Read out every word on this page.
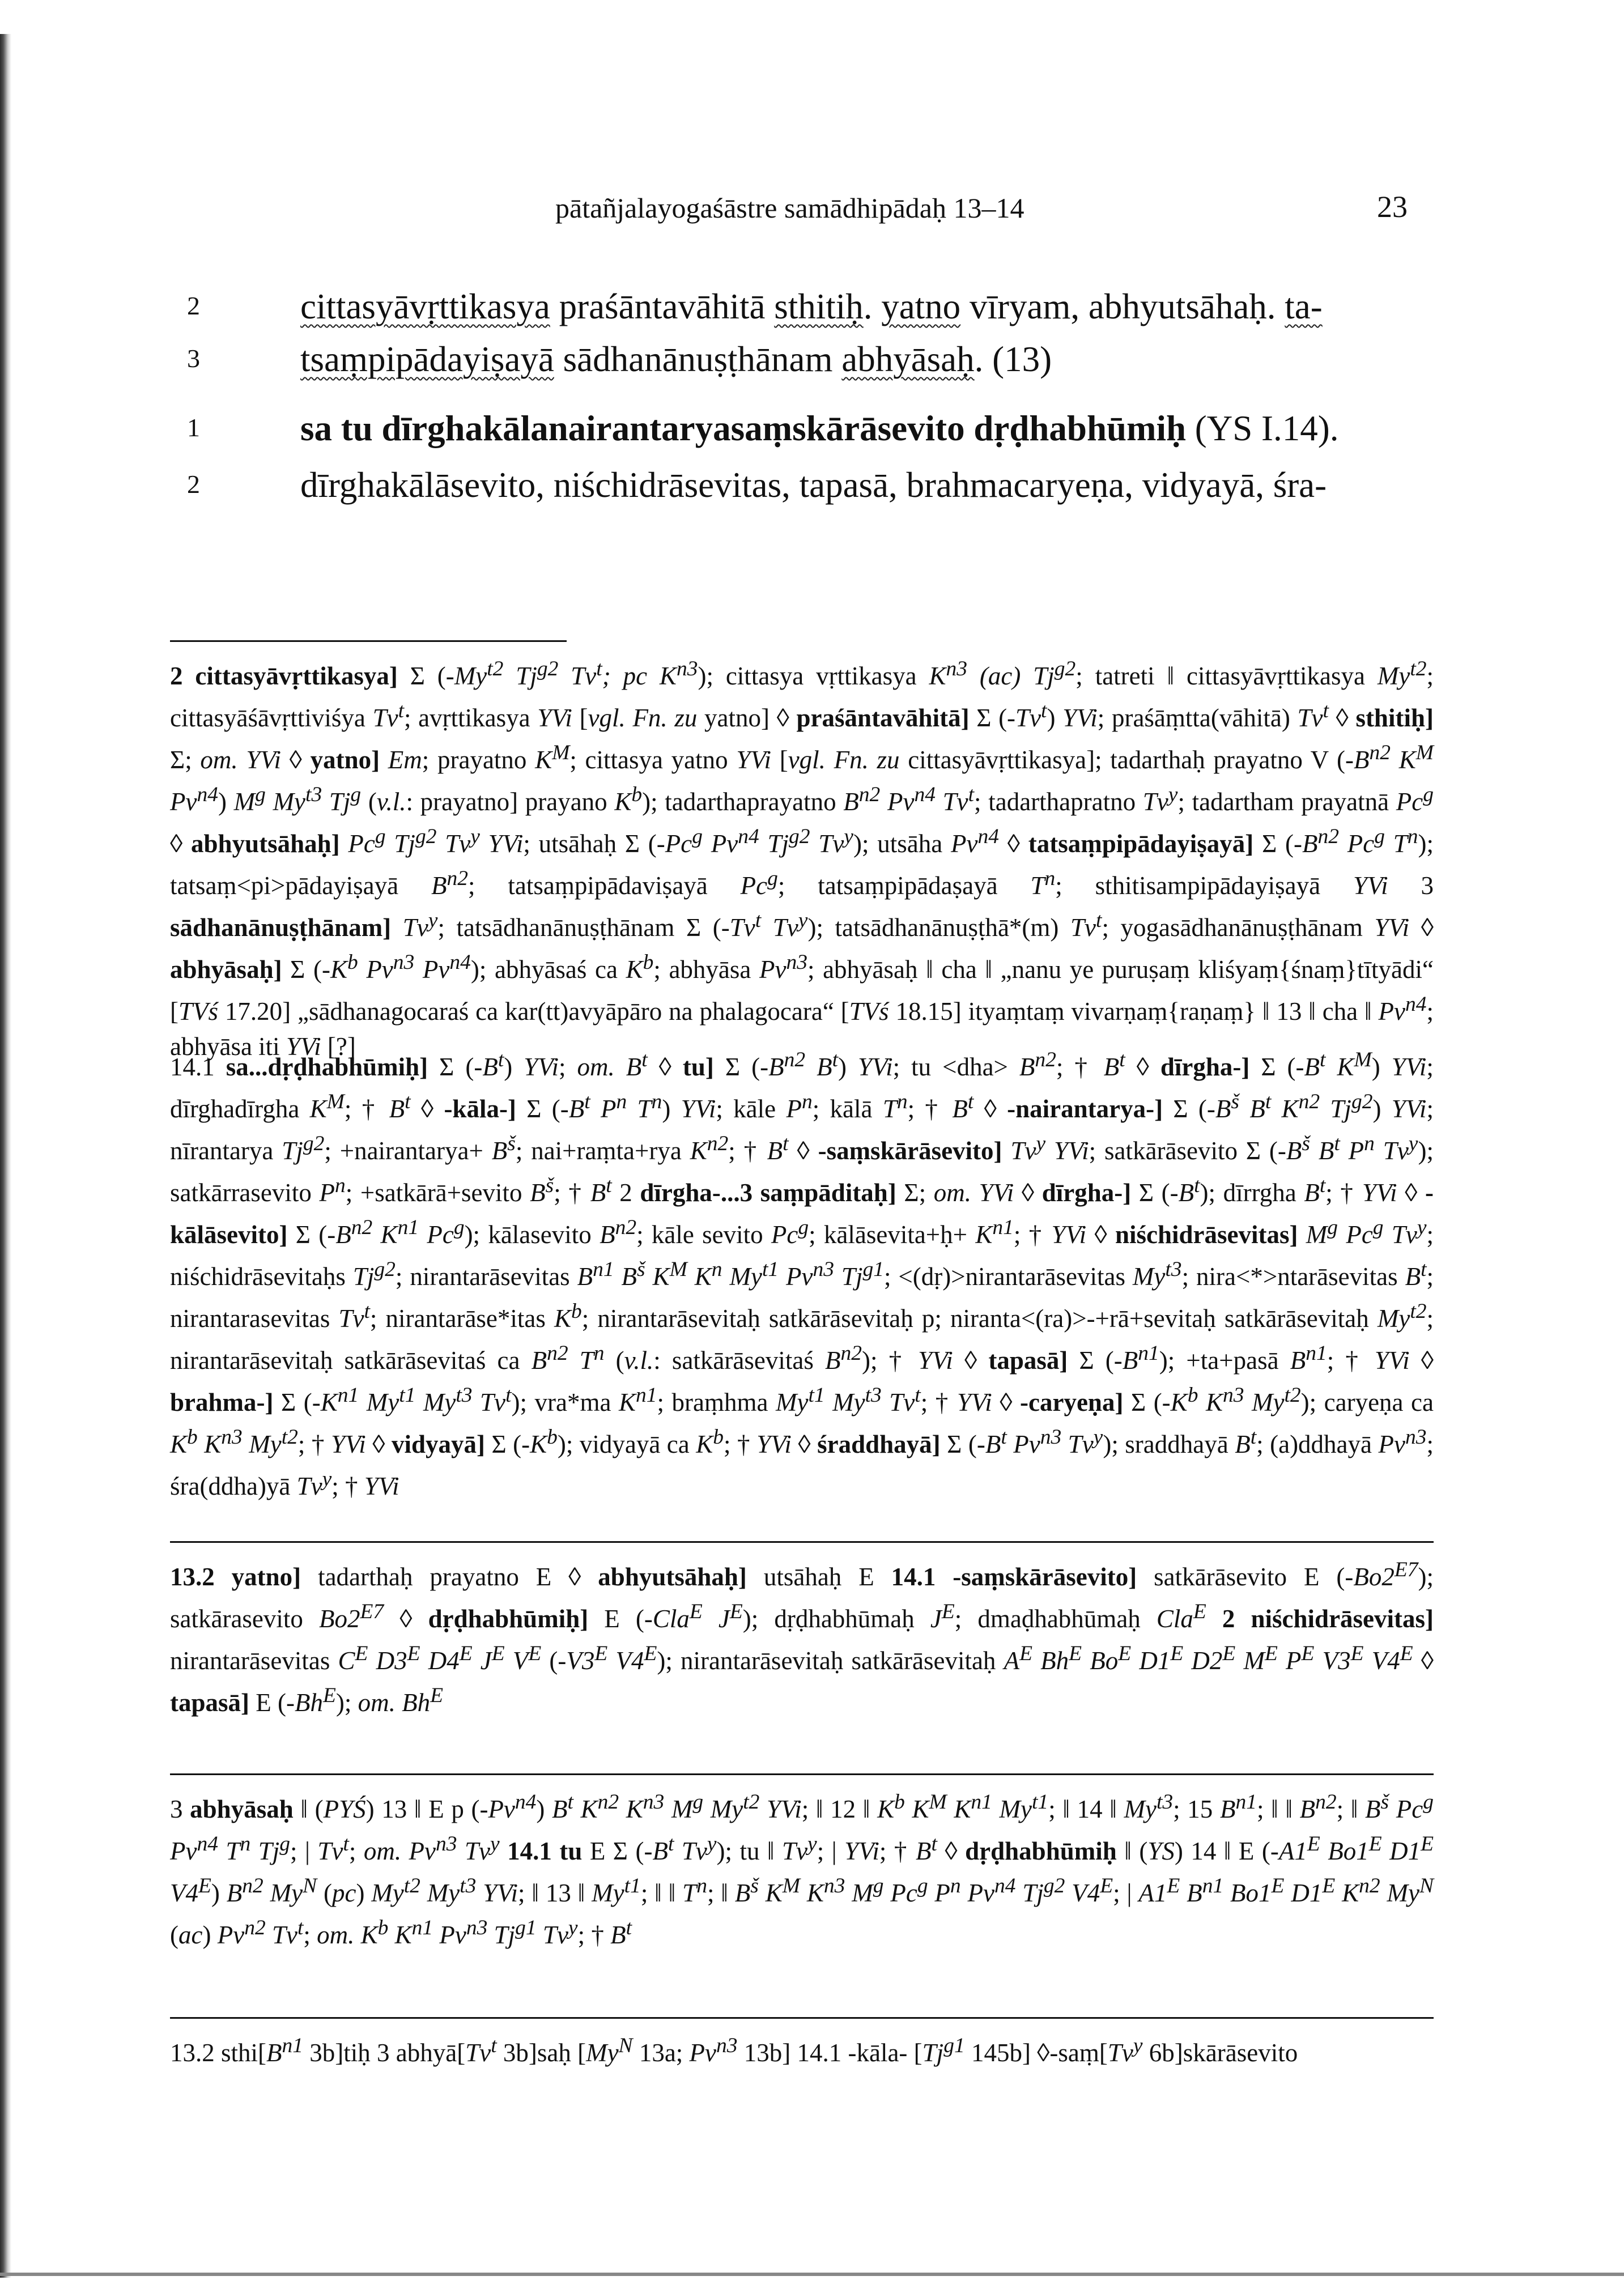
pātañjalayogaśāstre samādhipādaḥ 13–14	23
2	cittasyāvṛttikasya praśāntavāhitā sthitiḥ. yatno vīryam, abhyutsāhaḥ. ta-
3	tsaṃpipādayiṣayā sādhanānuṣṭhānam abhyāsaḥ. (13)
1	sa tu dīrghakālanairantaryasaṃskārāsevito dṛḍhabhūmiḥ (YS I.14).
2	dīrghakālāsevito, niśchidrāsevitas, tapasā, brahmacaryeṇa, vidyayā, śra-
2 cittasyāvṛttikasya] Σ ($-My^{t2}$ $Tj^{g2}$ Tv$^t$; pc $K^{n3}$); cittasya vṛttikasya $K^{n3}$ (ac) $Tj^{g2}$; tatreti ‖ cittasyāvṛttikasya $My^{t2}$; cittasyāśāvṛttiviśya Tv$^t$; avṛttikasya YVi [vgl. Fn. zu yatno] ◊ praśāntavāhitā] Σ (-Tv$^t$) YVi; praśāṃtta(vāhitā) Tv$^t$ ◊ sthitiḥ] Σ; om. YVi ◊ yatno] Em; prayatno $K^M$; cittasya yatno YVi [vgl. Fn. zu cittasyāvṛttikasya]; tadarthaḥ prayatno V ($-B^{n2}$ $K^M$ $Pv^{n4}$) $M^g$ $My^{t3}$ Tj$^g$ (v.l.: prayatno] prayano $K^b$); tadarthaprayatno $B^{n2}$ $Pv^{n4}$ Tv$^t$; tadarthapratno Tv$^y$; tadartham prayatnā Pc$^g$ ◊ abhyutsāhaḥ] Pc$^g$ $Tj^{g2}$ Tv$^y$ YVi; utsāhaḥ Σ (-Pc$^g$ $Pv^{n4}$ $Tj^{g2}$ Tv$^y$); utsāha $Pv^{n4}$ ◊ tatsaṃpipādayiṣayā] Σ ($-B^{n2}$ Pc$^g$ $T^n$); tatsaṃ<pi>pādayiṣayā $B^{n2}$; tatsaṃpipādaviṣayā Pc$^g$; tatsaṃpipādaṣayā $T^n$; sthitisampipādayiṣayā YVi 3 sādhanānuṣṭhānam] Tv$^y$; tatsādhanānuṣṭhānam Σ (-Tv$^t$ Tv$^y$); tatsādhanānuṣṭhā*(m) Tv$^t$; yogasādhanānuṣṭhānam YVi ◊ abhyāsaḥ] Σ ($-K^b$ $Pv^{n3}$ $Pv^{n4}$); abhyāsaś ca $K^b$; abhyāsa $Pv^{n3}$; abhyāsaḥ ‖ cha ‖ „nanu ye puruṣaṃ kliśyaṃ{śnaṃ}tītyādi“ [TVś 17.20] „sādhanagocaraś ca kar(tt)avyāpāro na phalagocara“ [TVś 18.15] ityaṃtaṃ vivarṇaṃ{raṇaṃ} ‖ 13 ‖ cha ‖ $Pv^{n4}$; abhyāsa iti YVi [?]
14.1 sa...dṛḍhabhūmiḥ] Σ $(-B^t)$ YVi; om. $B^t$ ◊ tu] Σ ($-B^{n2}$ $B^t$) YVi; tu $<dha> B^{n2}$; † $B^t$ ◊ dīrgha-] Σ ($-B^t$ $K^M$) YVi; dīrghadīrgha $K^M$; † $B^t$ ◊ -kāla-] Σ ($-B^t$ $P^n$ $T^n$) YVi; kāle $P^n$; kālā $T^n$; † $B^t$ ◊ -nairantarya-] Σ ($-B^š$ $B^t$ $K^{n2}$ $Tj^{g2}$) YVi; nīrantarya $Tj^{g2}$; +nairantarya+ $B^š$; nai+raṃta+rya $K^{n2}$; † $B^t$ ◊ -saṃskārāsevito] Tv$^y$ YVi; satkārāsevito Σ ($-B^š$ $B^t$ $P^n$ Tv$^y$); satkārrasevito $P^n$; +satkārā+sevito $B^š$; † $B^t$ 2 dīrgha-...3 saṃpāditaḥ] Σ; om. YVi ◊ dīrgha-] Σ $(-B^t)$; dīrrgha $B^t$; † YVi ◊ -kālāsevito] Σ ($-B^{n2}$ $K^{n1}$ Pc$^g$); kālasevito $B^{n2}$; kāle sevito Pc$^g$; kālāsevita+ḥ+ $K^{n1}$; † YVi ◊ niśchidrāsevitas] $M^g$ Pc$^g$ Tv$^y$; niśchidrāsevitaḥs $Tj^{g2}$; nirantarāsevitas $B^{n1}$ $B^š$ $K^M$ $K^n$ $My^{t1}$ $Pv^{n3}$ $Tj^{g1}$; <(dṛ)>nirantarāsevitas $My^{t3}$; nira<*>ntarāsevitas $B^t$; nirantarasevitas Tv$^t$; nirantarāse*itas $K^b$; nirantarāsevitaḥ satkārāsevitaḥ p; niranta<(ra)>-+rā+sevitaḥ satkārāsevitaḥ $My^{t2}$; nirantarāsevitaḥ satkārāsevitaś ca $B^{n2}$ $T^n$ (v.l.: satkārāsevitaś $B^{n2}$); † YVi ◊ tapasā] Σ $(-B^{n1})$; +ta+pasā $B^{n1}$; † YVi ◊ brahma-] Σ ($-K^{n1}$ $My^{t1}$ $My^{t3}$ Tv$^t$); vra*ma $K^{n1}$; braṃhma $My^{t1}$ $My^{t3}$ Tv$^t$; † YVi ◊ -caryeṇa] Σ ($-K^b$ $K^{n3}$ $My^{t2}$); caryeṇa ca $K^b$ $K^{n3}$ $My^{t2}$; † YVi ◊ vidyayā] Σ $(-K^b)$; vidyayā ca $K^b$; † YVi ◊ śraddhayā] Σ ($-B^t$ $Pv^{n3}$ Tv$^y$); sraddhayā $B^t$; (a)ddhayā $Pv^{n3}$; śra(ddha)yā Tv$^y$; † YVi
13.2 yatno] tadarthaḥ prayatno E ◊ abhyutsāhaḥ] utsāhaḥ E 14.1 -saṃskārāsevito] satkārāsevito E $(-Bo2^{E7})$; satkārasevito $Bo2^{E7}$ ◊ dṛḍhabhūmiḥ] E (-Cla$^E$ $J^E$); dṛḍhabhūmaḥ $J^E$; dmaḍhabhūmaḥ Cla$^E$ 2 niśchidrāsevitas] nirantarāsevitas $C^E$ $D3^E$ $D4^E$ $J^E$ $V^E$ ($-V3^E$ $V4^E$); nirantarāsevitaḥ satkārāsevitaḥ $A^E$ $Bh^E$ $Bo^E$ $D1^E$ $D2^E$ $M^E$ $P^E$ $V3^E$ $V4^E$ ◊ tapasā] E $(-Bh^E)$; om. $Bh^E$
3 abhyāsaḥ ‖ (PYŚ) 13 ‖ E p $(-Pv^{n4})$ $B^t$ $K^{n2}$ $K^{n3}$ $M^g$ $My^{t2}$ YVi; ‖ 12 ‖ $K^b$ $K^M$ $K^{n1}$ $My^{t1}$; ‖ 14 ‖ $My^{t3}$; 15 $B^{n1}$; ‖ ‖ $B^{n2}$; ‖ $B^š$ Pc$^g$ $Pv^{n4}$ $T^n$ Tj$^g$; | Tv$^t$; om. $Pv^{n3}$ Tv$^y$ 14.1 tu E Σ ($-B^t$ Tv$^y$); tu ‖ Tv$^y$; | YVi; † $B^t$ ◊ dṛḍhabhūmiḥ ‖ (YS) 14 ‖ E ($-A1^E$ $Bo1^E$ $D1^E$ $V4^E$) $B^{n2}$ $My^N$ (pc) $My^{t2}$ $My^{t3}$ YVi; ‖ 13 ‖ $My^{t1}$; ‖ ‖ $T^n$; ‖ $B^š$ $K^M$ $K^{n3}$ $M^g$ Pc$^g$ $P^n$ $Pv^{n4}$ $Tj^{g2}$ $V4^E$; | $A1^E$ $B^{n1}$ $Bo1^E$ $D1^E$ $K^{n2}$ $My^N$ (ac) $Pv^{n2}$ Tv$^t$; om. $K^b$ $K^{n1}$ $Pv^{n3}$ $Tj^{g1}$ Tv$^y$; † $B^t$
13.2 $sthi[B^{n1}$ 3b]tiḥ 3 abhyā[Tv$^t$ 3b]saḥ [$My^N$ 13a; $Pv^{n3}$ 13b] 14.1 -kāla- [$Tj^{g1}$ 145b] ◊-saṃ[Tv$^y$ 6b]skārāsevito
